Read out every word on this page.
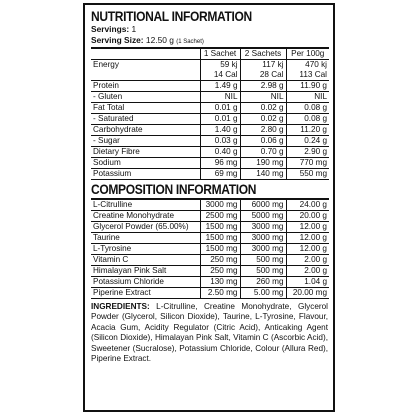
NUTRITIONAL INFORMATION
Servings: 1
Serving Size: 12.50 g (1 Sachet)
	1 Sachet	2 Sachets	Per 100g
Energy	59 kj	117 kj	470 kj
	14 Cal	28 Cal	113 Cal
Protein	1.49 g	2.98 g	11.90 g
- Gluten	NIL	NIL	NIL
Fat Total	0.01 g	0.02 g	0.08 g
- Saturated	0.01 g	0.02 g	0.08 g
Carbohydrate	1.40 g	2.80 g	11.20 g
- Sugar	0.03 g	0.06 g	0.24 g
Dietary Fibre	0.40 g	0.70 g	2.90 g
Sodium	96 mg	190 mg	770 mg
Potassium	69 mg	140 mg	550 mg
COMPOSITION INFORMATION
L-Citrulline	3000 mg	6000 mg	24.00 g
Creatine Monohydrate	2500 mg	5000 mg	20.00 g
Glycerol Powder (65.00%)	1500 mg	3000 mg	12.00 g
Taurine	1500 mg	3000 mg	12.00 g
L-Tyrosine	1500 mg	3000 mg	12.00 g
Vitamin C	250 mg	500 mg	2.00 g
Himalayan Pink Salt	250 mg	500 mg	2.00 g
Potassium Chloride	130 mg	260 mg	1.04 g
Piperine Extract	2.50 mg	5.00 mg	20.00 mg
INGREDIENTS: L-Citrulline, Creatine Monohydrate, Glycerol Powder (Glycerol, Silicon Dioxide), Taurine, L-Tyrosine, Flavour, Acacia Gum, Acidity Regulator (Citric Acid), Anticaking Agent (Silicon Dioxide), Himalayan Pink Salt, Vitamin C (Ascorbic Acid), Sweetener (Sucralose), Potassium Chloride, Colour (Allura Red), Piperine Extract.
